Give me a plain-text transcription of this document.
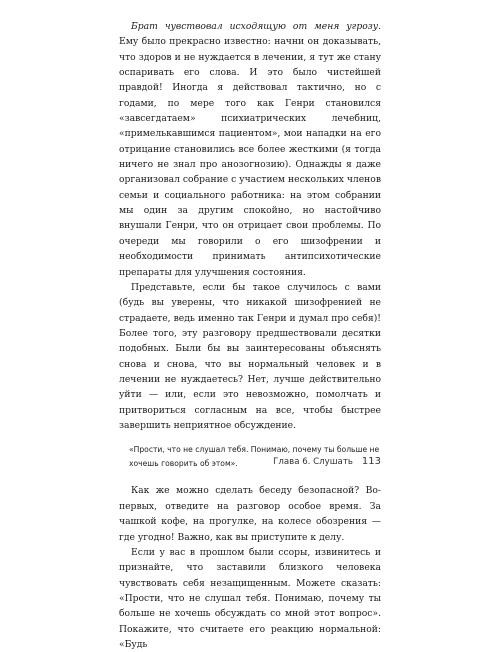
Брат чувствовал исходящую от меня угрозу. Ему было прекрасно известно: начни он доказывать, что здоров и не нуждается в лечении, я тут же стану оспаривать его слова. И это было чистейшей правдой! Иногда я действовал тактично, но с годами, по мере того как Генри становился «завсегдатаем» психиатрических лечебниц, «примелькавшимся пациентом», мои нападки на его отрицание становились все более жесткими (я тогда ничего не знал про анозогнозию). Однажды я даже организовал собрание с участием нескольких членов семьи и социального работника: на этом собрании мы один за другим спокойно, но настойчиво внушали Генри, что он отрицает свои проблемы. По очереди мы говорили о его шизофрении и необходимости принимать антипсихотические препараты для улучшения состояния.

Представьте, если бы такое случилось с вами (будь вы уверены, что никакой шизофренией не страдаете, ведь именно так Генри и думал про себя)! Более того, эту разговору предшествовали десятки подобных. Были бы вы заинтересованы объяснять снова и снова, что вы нормальный человек и в лечении не нуждаетесь? Нет, лучше действительно уйти — или, если это невозможно, помолчать и притвориться согласным на все, чтобы быстрее завершить неприятное обсуждение.

«Прости, что не слушал тебя. Понимаю, почему ты больше не хочешь говорить об этом».

Как же можно сделать беседу безопасной? Во-первых, отведите на разговор особое время. За чашкой кофе, на прогулке, на колесе обозрения — где угодно! Важно, как вы приступите к делу.

Если у вас в прошлом были ссоры, извинитесь и признайте, что заставили близкого человека чувствовать себя незащищенным. Можете сказать: «Прости, что не слушал тебя. Понимаю, почему ты больше не хочешь обсуждать со мной этот вопрос». Покажите, что считаете его реакцию нормальной: «Будь

Глава 6. Слушать 113
